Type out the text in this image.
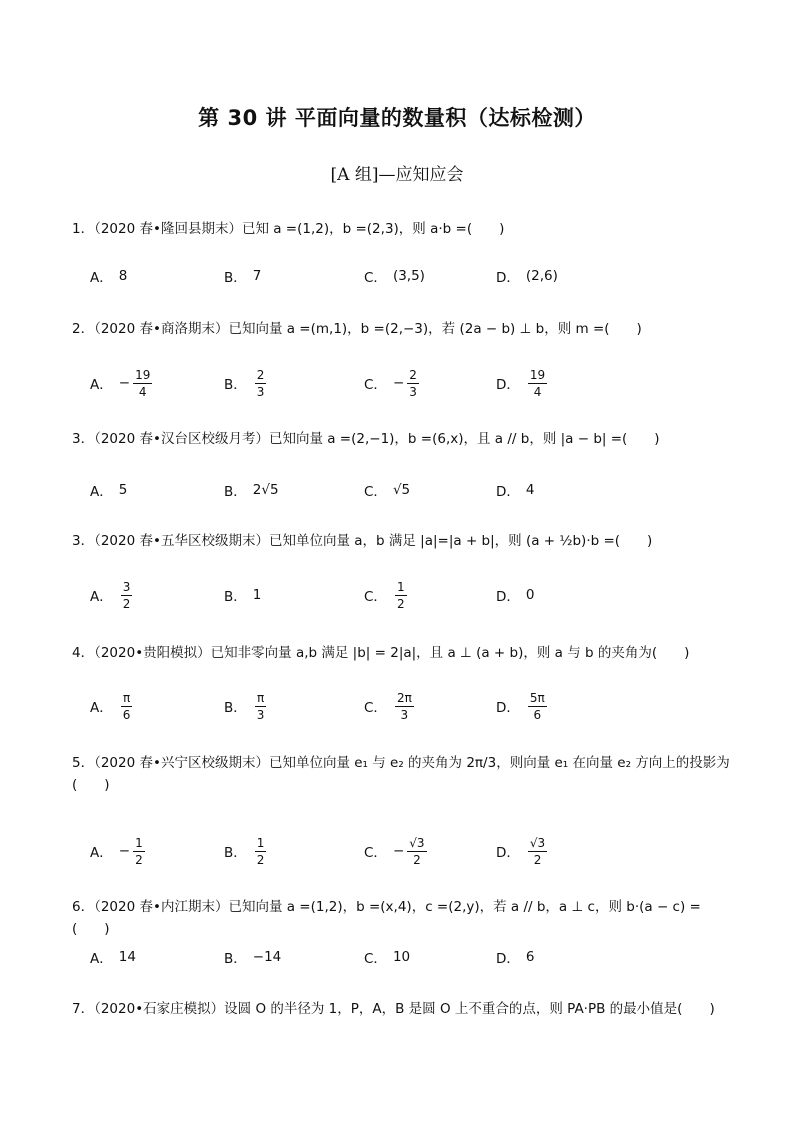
第 30 讲 平面向量的数量积（达标检测）
[A 组]—应知应会
1．（2020 春•隆回县期末）已知 a =(1,2)，b =(2,3)，则 a·b =(　　)
A． 8	B． 7	C． (3,5)	D． (2,6)
2．（2020 春•商洛期末）已知向量 a =(m,1)，b =(2,−3)，若 (2a − b) ⊥ b，则 m =(　　)
A． − $\frac{19}{4}$	B． $\frac{2}{3}$	C． − $\frac{2}{3}$	D． $\frac{19}{4}$
3．（2020 春•汉台区校级月考）已知向量 a =(2,−1)，b =(6,x)，且 a // b，则 |a − b| =(　　)
A． 5	B． 2√5	C． √5	D． 4
3．（2020 春•五华区校级期末）已知单位向量 a，b 满足 |a|=|a + b|，则 (a + ½b)·b =(　　)
A． $\frac{3}{2}$	B． 1	C． $\frac{1}{2}$	D． 0
4．（2020•贵阳模拟）已知非零向量 a,b 满足 |b| = 2|a|，且 a ⊥ (a + b)，则 a 与 b 的夹角为(　　)
A． $\frac{\pi}{6}$	B． $\frac{\pi}{3}$	C． $\frac{2\pi}{3}$	D． $\frac{5\pi}{6}$
5．（2020 春•兴宁区校级期末）已知单位向量 e₁ 与 e₂ 的夹角为 2π/3，则向量 e₁ 在向量 e₂ 方向上的投影为(　　)
A． − $\frac{1}{2}$	B． $\frac{1}{2}$	C． − $\frac{√3}{2}$	D． $\frac{√3}{2}$
6．（2020 春•内江期末）已知向量 a =(1,2)，b =(x,4)，c =(2,y)，若 a // b，a ⊥ c，则 b·(a − c) =(　　)
A． 14	B． −14	C． 10	D． 6
7．（2020•石家庄模拟）设圆 O 的半径为 1，P，A，B 是圆 O 上不重合的点，则 PA·PB 的最小值是(　　)
